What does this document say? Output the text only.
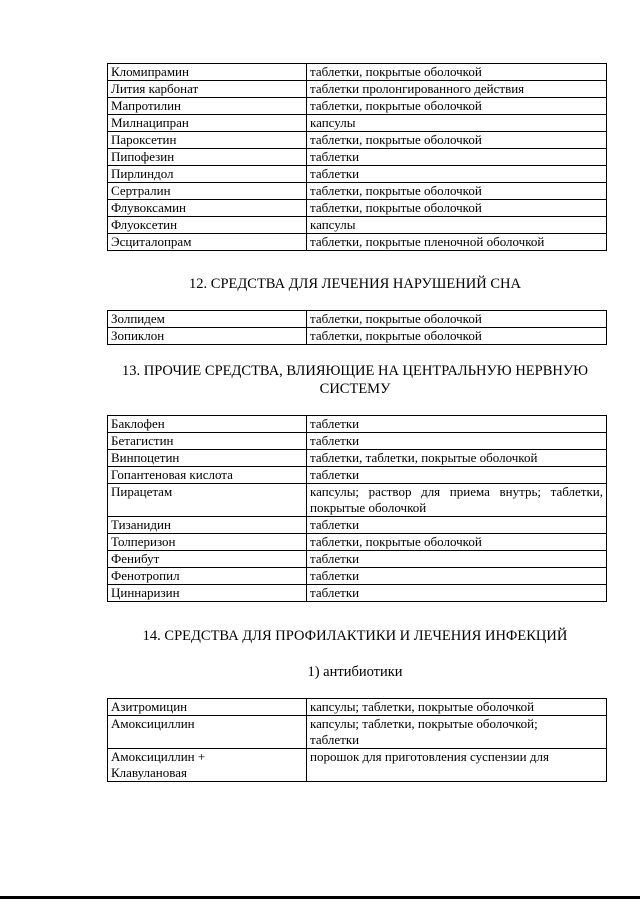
Кломипрамин	таблетки, покрытые оболочкой
Лития карбонат	таблетки пролонгированного действия
Мапротилин	таблетки, покрытые оболочкой
Милнаципран	капсулы
Пароксетин	таблетки, покрытые оболочкой
Пипофезин	таблетки
Пирлиндол	таблетки
Сертралин	таблетки, покрытые оболочкой
Флувоксамин	таблетки, покрытые оболочкой
Флуоксетин	капсулы
Эсциталопрам	таблетки, покрытые пленочной оболочкой
12. СРЕДСТВА ДЛЯ ЛЕЧЕНИЯ НАРУШЕНИЙ СНА
Золпидем	таблетки, покрытые оболочкой
Зопиклон	таблетки, покрытые оболочкой
13. ПРОЧИЕ СРЕДСТВА, ВЛИЯЮЩИЕ НА ЦЕНТРАЛЬНУЮ НЕРВНУЮ
СИСТЕМУ
Баклофен	таблетки
Бетагистин	таблетки
Винпоцетин	таблетки, таблетки, покрытые оболочкой
Гопантеновая кислота	таблетки
Пирацетам	капсулы; раствор для приема внутрь; таблетки, покрытые оболочкой
Тизанидин	таблетки
Толперизон	таблетки, покрытые оболочкой
Фенибут	таблетки
Фенотропил	таблетки
Циннаризин	таблетки
14. СРЕДСТВА ДЛЯ ПРОФИЛАКТИКИ И ЛЕЧЕНИЯ ИНФЕКЦИЙ
1) антибиотики
Азитромицин	капсулы; таблетки, покрытые оболочкой
Амоксициллин	капсулы; таблетки, покрытые оболочкой; таблетки
Амоксициллин + Клавулановая	порошок для приготовления суспензии для
